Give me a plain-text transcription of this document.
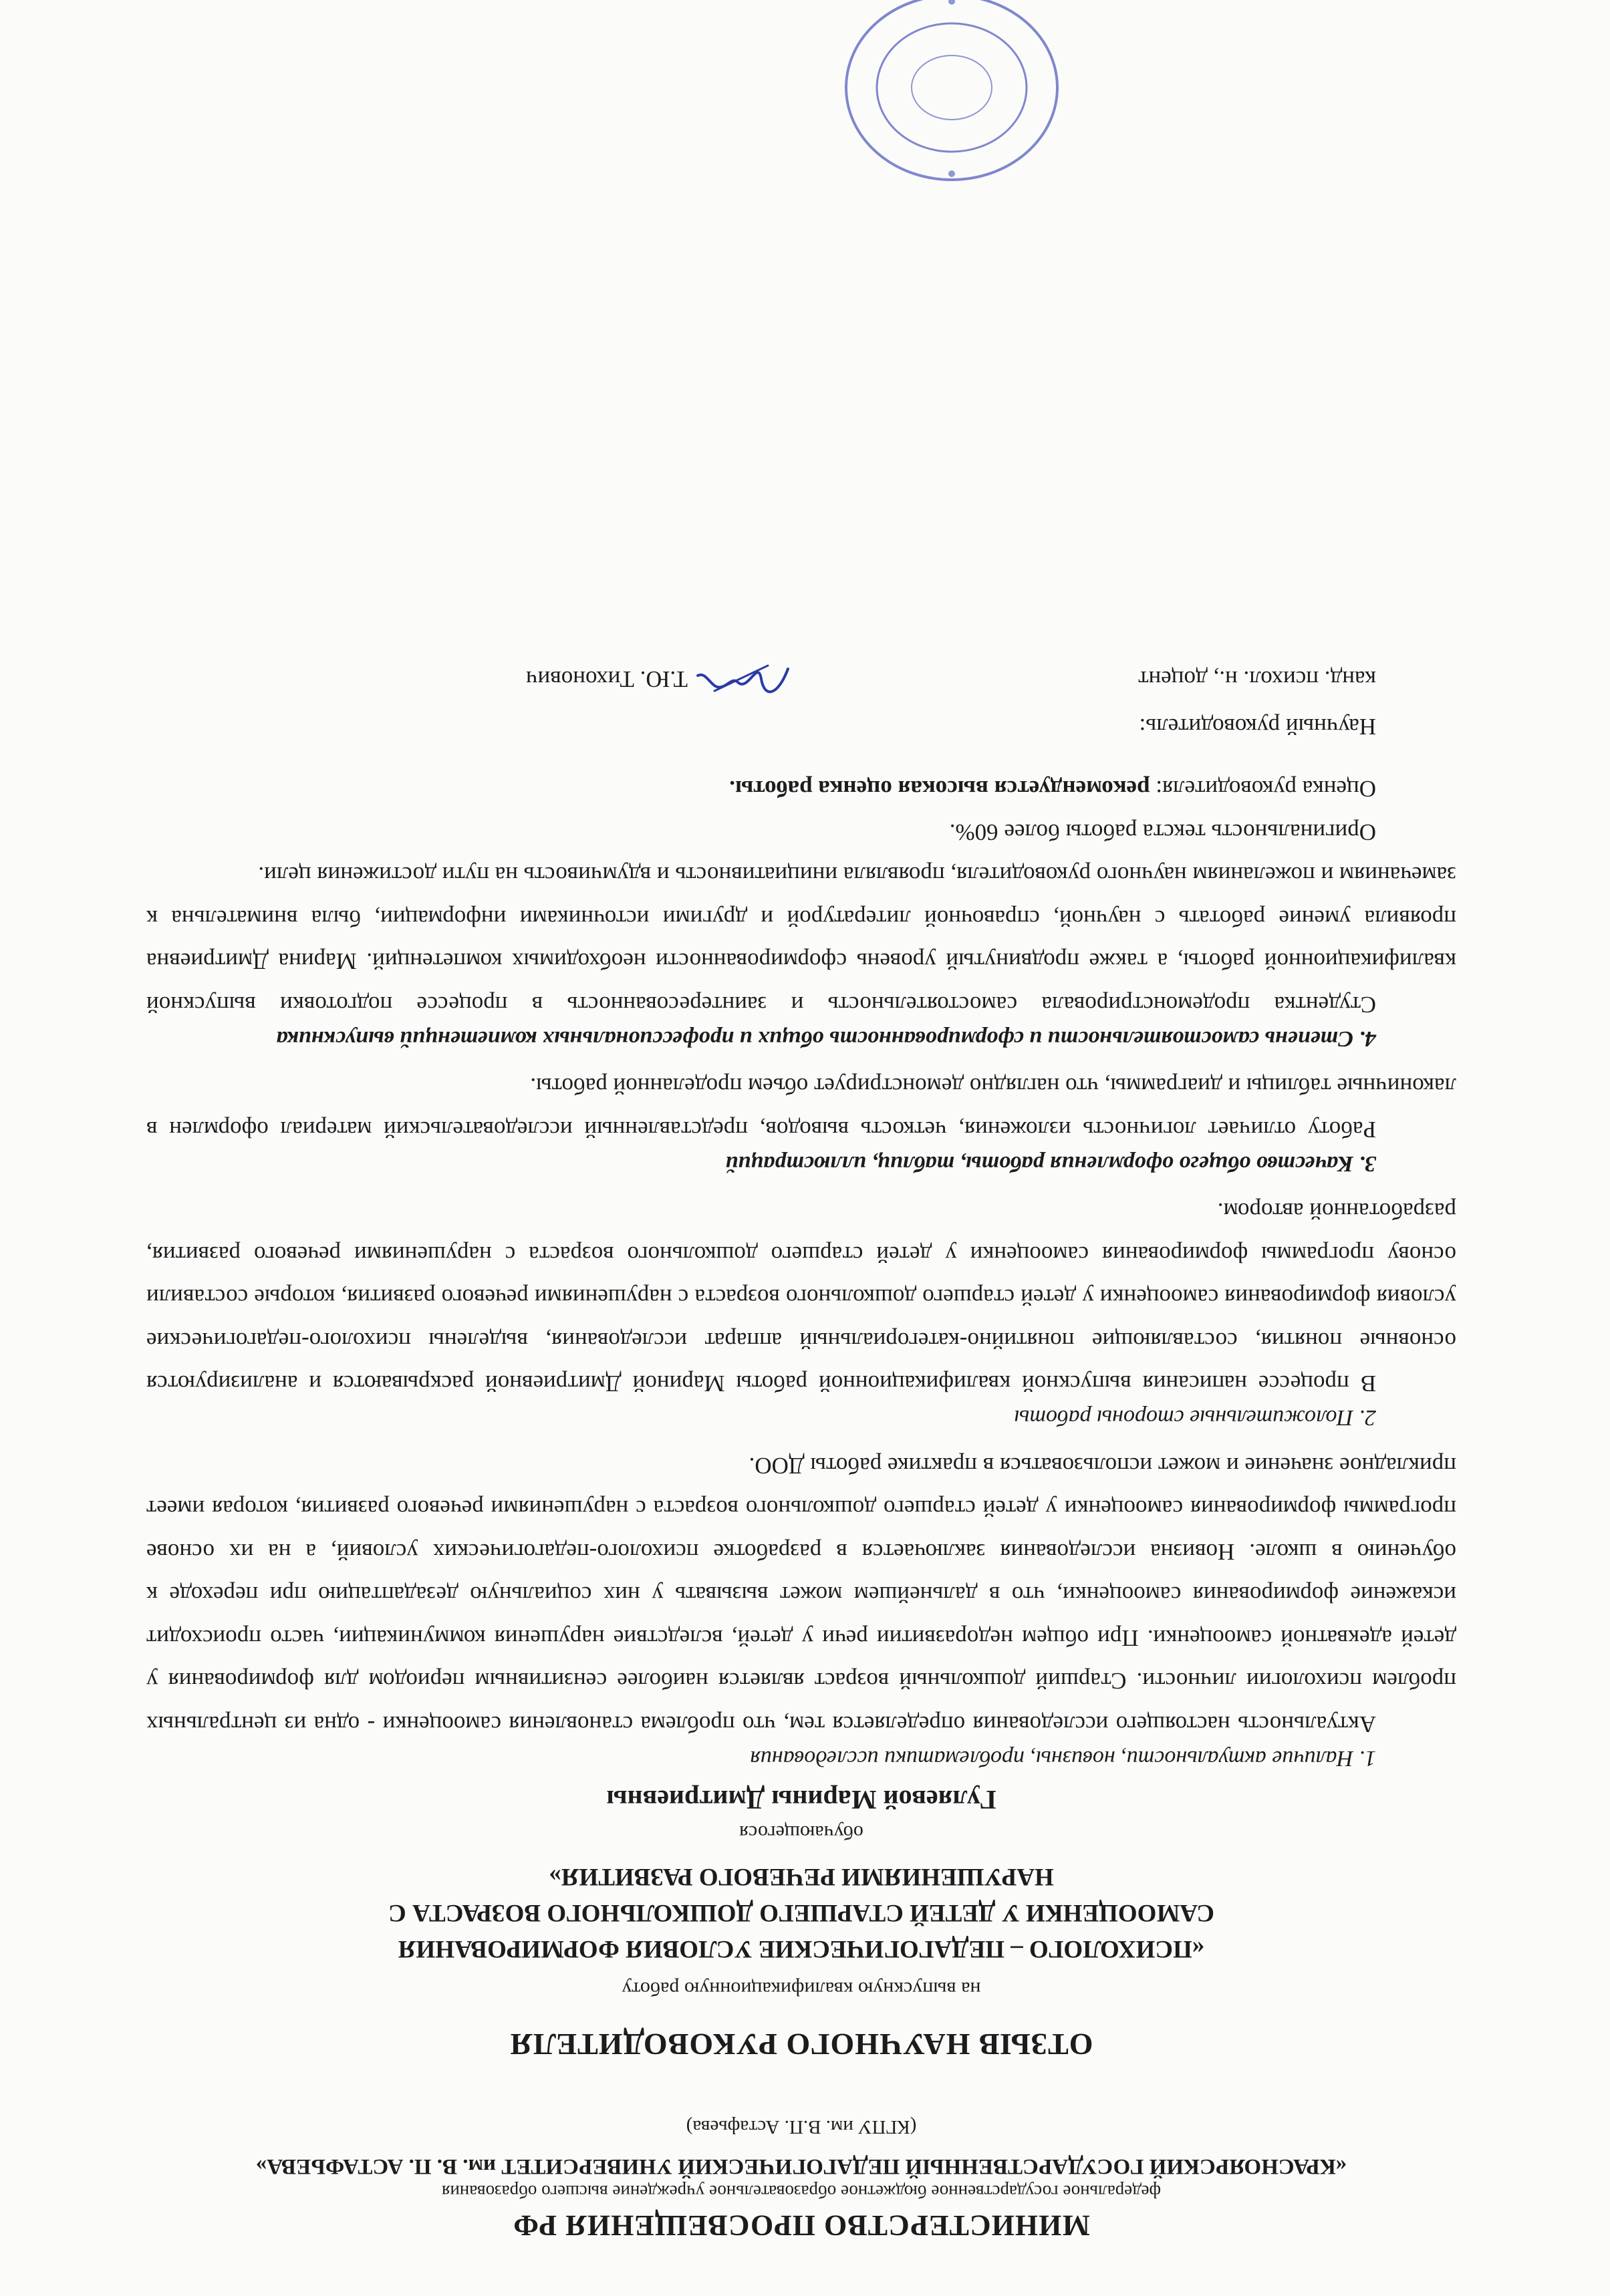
МИНИСТЕРСТВО ПРОСВЕЩЕНИЯ РФ

федеральное государственное бюджетное образовательное учреждение высшего образования

«КРАСНОЯРСКИЙ ГОСУДАРСТВЕННЫЙ ПЕДАГОГИЧЕСКИЙ УНИВЕРСИТЕТ им. В. П. АСТАФЬЕВА»

(КГПУ им. В.П. Астафьева)

ОТЗЫВ НАУЧНОГО РУКОВОДИТЕЛЯ

на выпускную квалификационную работу

«ПСИХОЛОГО – ПЕДАГОГИЧЕСКИЕ УСЛОВИЯ ФОРМИРОВАНИЯ
САМООЦЕНКИ У ДЕТЕЙ СТАРШЕГО ДОШКОЛЬНОГО ВОЗРАСТА С
НАРУШЕНИЯМИ РЕЧЕВОГО РАЗВИТИЯ»

обучающегося

Гуляевой Марины Дмитриевны

1. Наличие актуальности, новизны, проблематики исследования

Актуальность настоящего исследования определяется тем, что проблема становления самооценки - одна из центральных проблем психологии личности. Старший дошкольный возраст является наиболее сензитивным периодом для формирования у детей адекватной самооценки. При общем недоразвитии речи у детей, вследствие нарушения коммуникации, часто происходит искажение формирования самооценки, что в дальнейшем может вызывать у них социальную дезадаптацию при переходе к обучению в школе. Новизна исследования заключается в разработке психолого-педагогических условий, а на их основе программы формирования самооценки у детей старшего дошкольного возраста с нарушениями речевого развития, которая имеет прикладное значение и может использоваться в практике работы ДОО.

2. Положительные стороны работы

В процессе написания выпускной квалификационной работы Мариной Дмитриевной раскрываются и анализируются основные понятия, составляющие понятийно-категориальный аппарат исследования, выделены психолого-педагогические условия формирования самооценки у детей старшего дошкольного возраста с нарушениями речевого развития, которые составили основу программы формирования самооценки у детей старшего дошкольного возраста с нарушениями речевого развития, разработанной автором.

3. Качество общего оформления работы, таблиц, иллюстраций

Работу отличает логичность изложения, четкость выводов, представленный исследовательский материал оформлен в лаконичные таблицы и диаграммы, что наглядно демонстрирует объем проделанной работы.

4. Степень самостоятельности и сформированность общих и профессиональных компетенций выпускника

Студентка продемонстрировала самостоятельность и заинтересованность в процессе подготовки выпускной квалификационной работы, а также продвинутый уровень сформированности необходимых компетенций. Марина Дмитриевна проявила умение работать с научной, справочной литературой и другими источниками информации, была внимательна к замечаниям и пожеланиям научного руководителя, проявляла инициативность и вдумчивость на пути достижения цели.

Оригинальность текста работы более 60%.

Оценка руководителя: рекомендуется высокая оценка работы.

Научный руководитель:
канд. психол. н., доцент
Т.Ю. Тихонович
